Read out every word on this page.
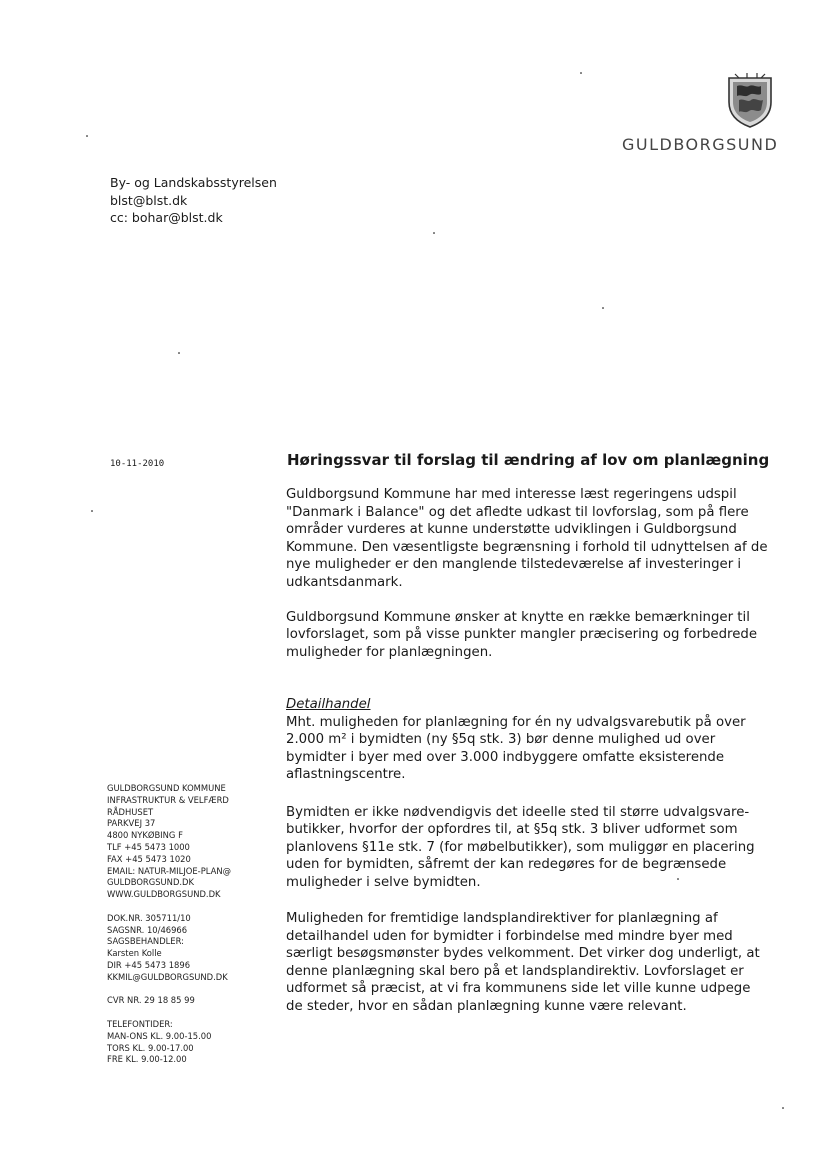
GULDBORGSUND
By- og Landskabsstyrelsen
blst@blst.dk
cc: bohar@blst.dk
10-11-2010	Høringssvar til forslag til ændring af lov om planlægning

Guldborgsund Kommune har med interesse læst regeringens udspil
"Danmark i Balance" og det afledte udkast til lovforslag, som på flere
områder vurderes at kunne understøtte udviklingen i Guldborgsund
Kommune. Den væsentligste begrænsning i forhold til udnyttelsen af de
nye muligheder er den manglende tilstedeværelse af investeringer i
udkantsdanmark.

Guldborgsund Kommune ønsker at knytte en række bemærkninger til
lovforslaget, som på visse punkter mangler præcisering og forbedrede
muligheder for planlægningen.

Detailhandel
Mht. muligheden for planlægning for én ny udvalgsvarebutik på over
2.000 m² i bymidten (ny §5q stk. 3) bør denne mulighed ud over
bymidter i byer med over 3.000 indbyggere omfatte eksisterende
aflastningscentre.

Bymidten er ikke nødvendigvis det ideelle sted til større udvalgsvare-
butikker, hvorfor der opfordres til, at §5q stk. 3 bliver udformet som
planlovens §11e stk. 7 (for møbelbutikker), som muliggør en placering
uden for bymidten, såfremt der kan redegøres for de begrænsede
muligheder i selve bymidten.

Muligheden for fremtidige landsplandirektiver for planlægning af
detailhandel uden for bymidter i forbindelse med mindre byer med
særligt besøgsmønster bydes velkomment. Det virker dog underligt, at
denne planlægning skal bero på et landsplandirektiv. Lovforslaget er
udformet så præcist, at vi fra kommunens side let ville kunne udpege
de steder, hvor en sådan planlægning kunne være relevant.

GULDBORGSUND KOMMUNE
INFRASTRUKTUR & VELFÆRD
RÅDHUSET
PARKVEJ 37
4800 NYKØBING F
TLF +45 5473 1000
FAX +45 5473 1020
EMAIL: NATUR-MILJOE-PLAN@
GULDBORGSUND.DK
WWW.GULDBORGSUND.DK
DOK.NR. 305711/10
SAGSNR. 10/46966
SAGSBEHANDLER:
Karsten Kolle
DIR +45 5473 1896
KKMIL@GULDBORGSUND.DK
CVR NR. 29 18 85 99
TELEFONTIDER:
MAN-ONS KL. 9.00-15.00
TORS KL. 9.00-17.00
FRE KL. 9.00-12.00
